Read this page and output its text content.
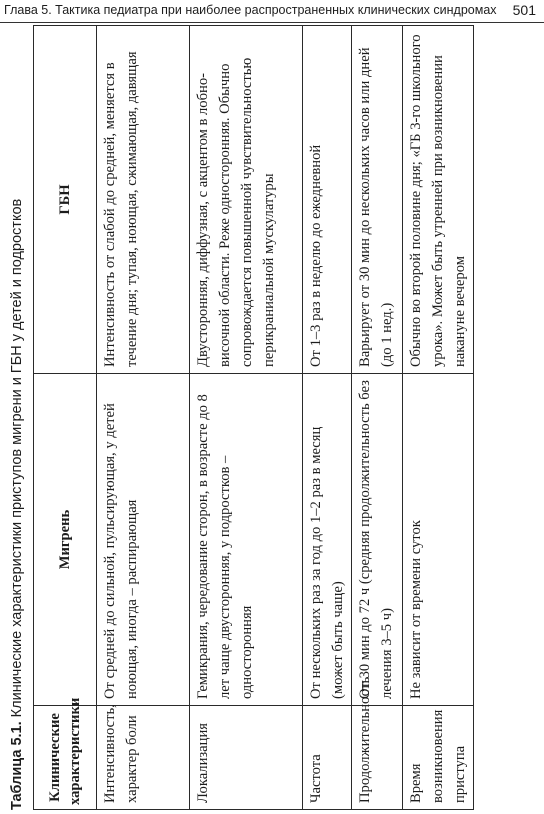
Глава 5. Тактика педиатра при наиболее распространенных клинических синдромах 501
Таблица 5.1. Клинические характеристики приступов мигрени и ГБН у детей и подростков
Клинические характеристики	Мигрень	ГБН
Интенсивность, характер боли	От средней до сильной, пульсирующая, у детей ноющая, иногда – распирающая	Интенсивность от слабой до средней, меняется в течение дня; тупая, ноющая, сжимающая, давящая
Локализация	Гемикрания, чередование сторон, в возрасте до 8 лет чаще двусторонняя, у подростков – односторонняя	Двусторонняя, диффузная, с акцентом в лобно-височной области. Реже односторонняя. Обычно сопровождается повышенной чувствительностью перикраниальной мускулатуры
Частота	От нескольких раз за год до 1–2 раз в месяц (может быть чаще)	От 1–3 раз в неделю до ежедневной
Продолжительность	От 30 мин до 72 ч (средняя продолжительность без лечения 3–5 ч)	Варьирует от 30 мин до нескольких часов или дней (до 1 нед.)
Время возникновения приступа	Не зависит от времени суток	Обычно во второй половине дня; «ГБ 3-го школьного урока». Может быть утренней при возникновении накануне вечером
